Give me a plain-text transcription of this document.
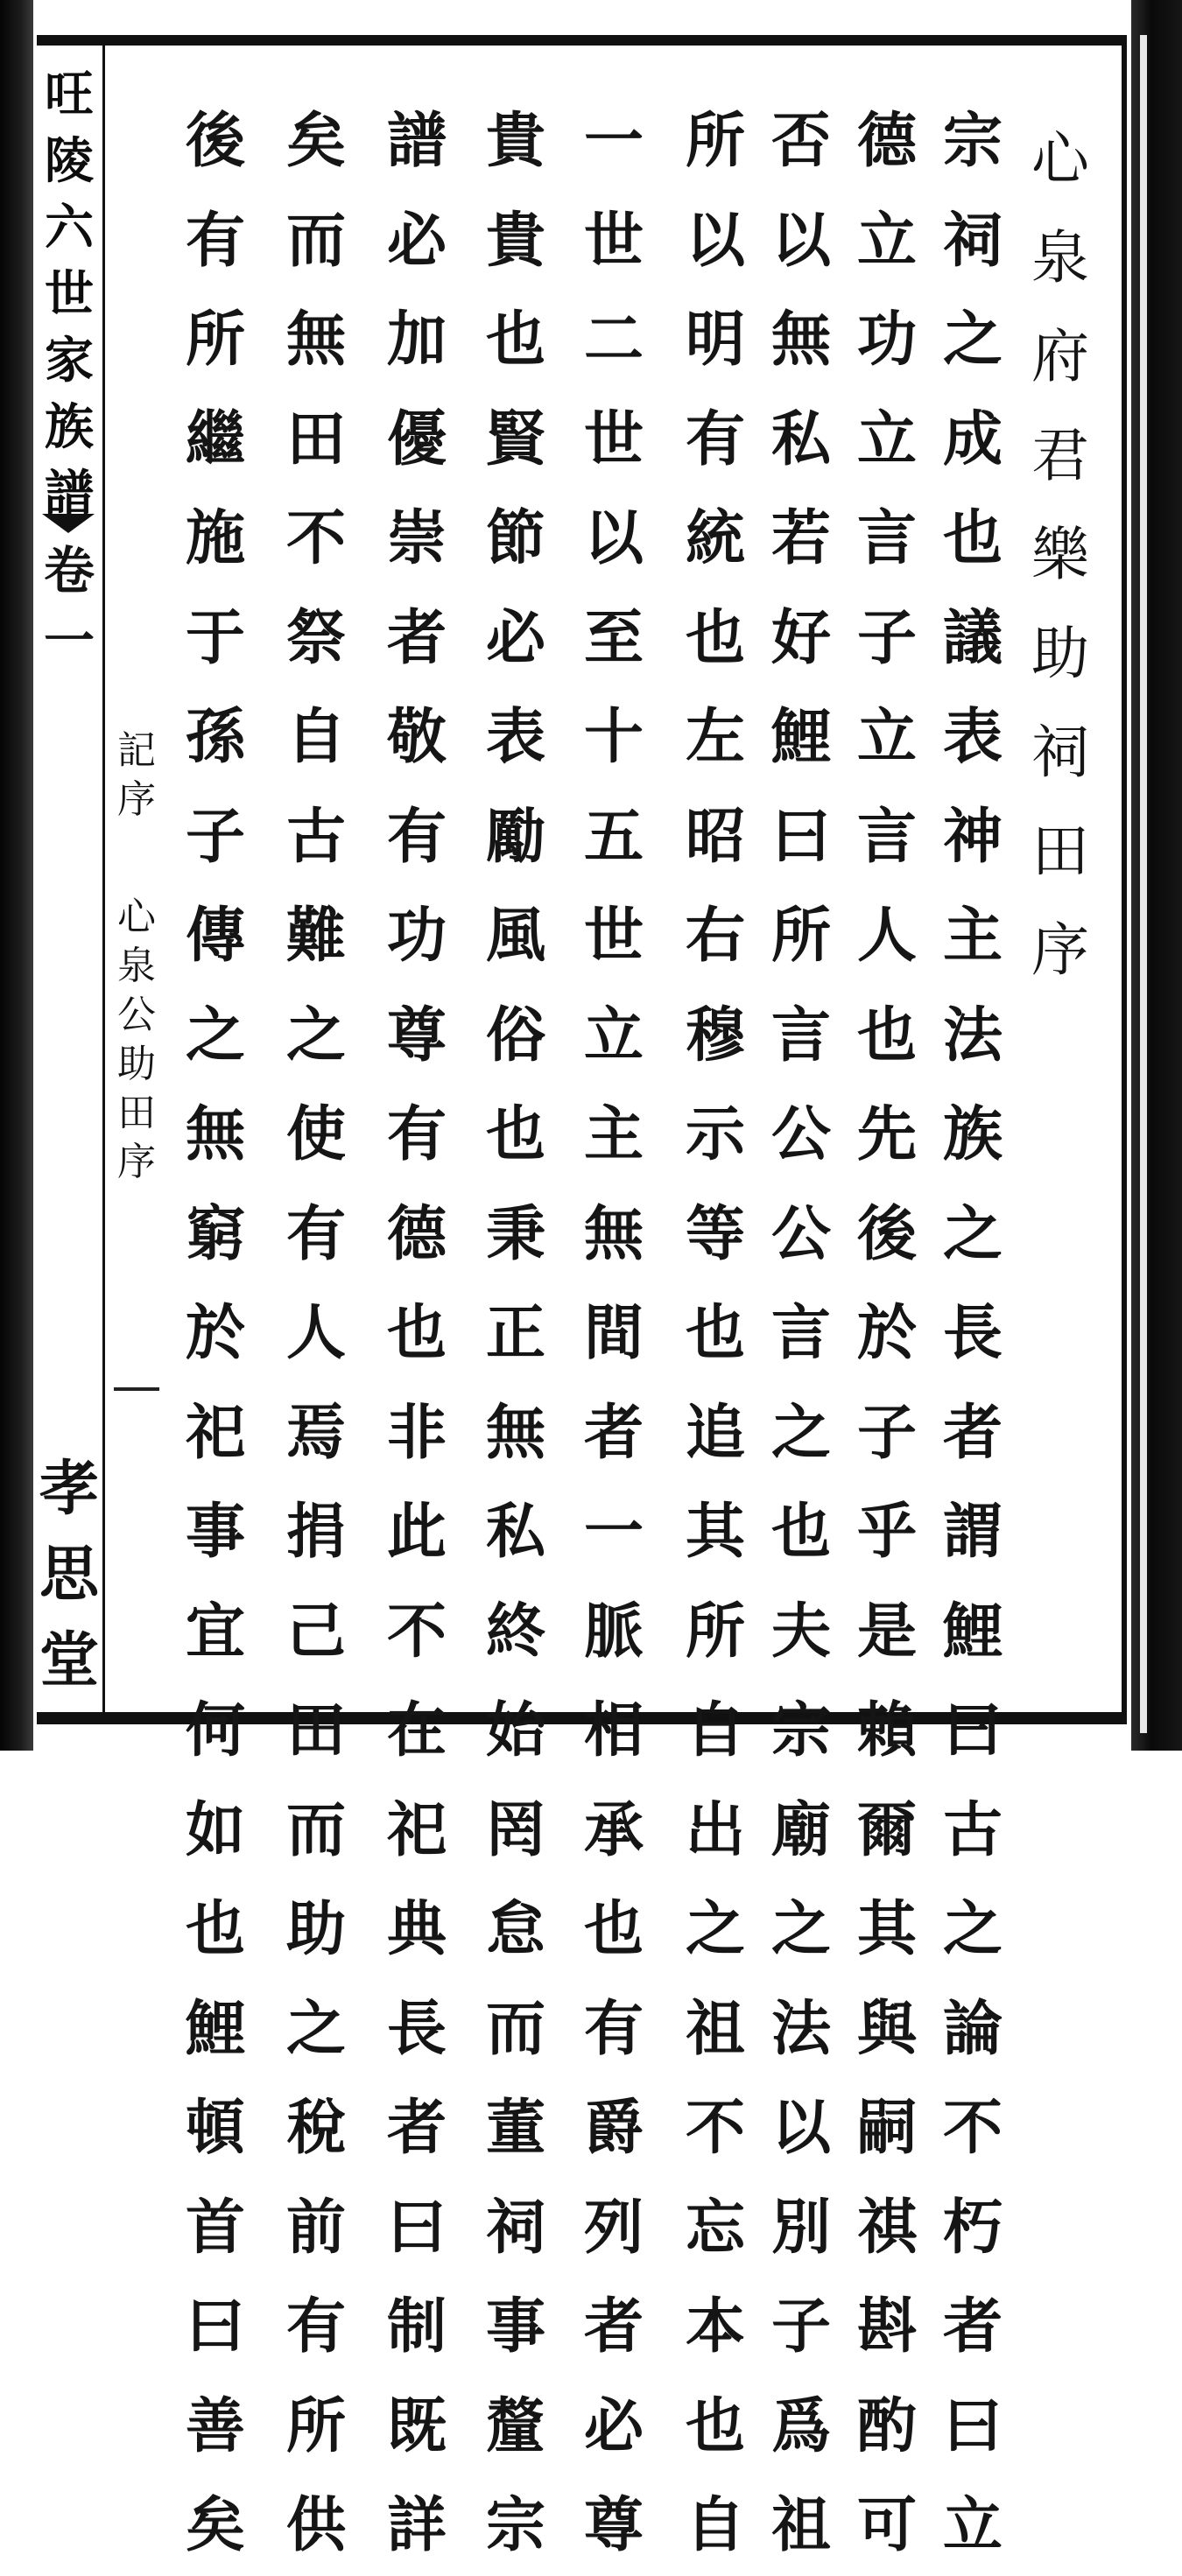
㕵陵六世家族譜
卷一
孝思堂
記序
心泉公助田序
心泉府君樂助祠田序
宗祠之成也議表神主法族之長者謂鯉曰古之論不朽者曰立
德立功立言子立言人也先後於子乎是賴爾其與嗣祺斟酌可
否以無私若好鯉曰所言公公言之也夫宗廟之法以別子爲祖
所以明有統也左昭右穆示等也追其所自出之祖不忘本也自
一世二世以至十五世立主無間者一脈相承也有爵列者必尊
貴貴也賢節必表勵風俗也秉正無私終始罔怠而董祠事釐宗
譜必加優崇者敬有功尊有德也非此不在祀典長者曰制既詳
矣而無田不祭自古難之使有人焉捐己田而助之稅前有所供
後有所繼施于孫子傳之無窮於祀事宜何如也鯉頓首曰善矣
